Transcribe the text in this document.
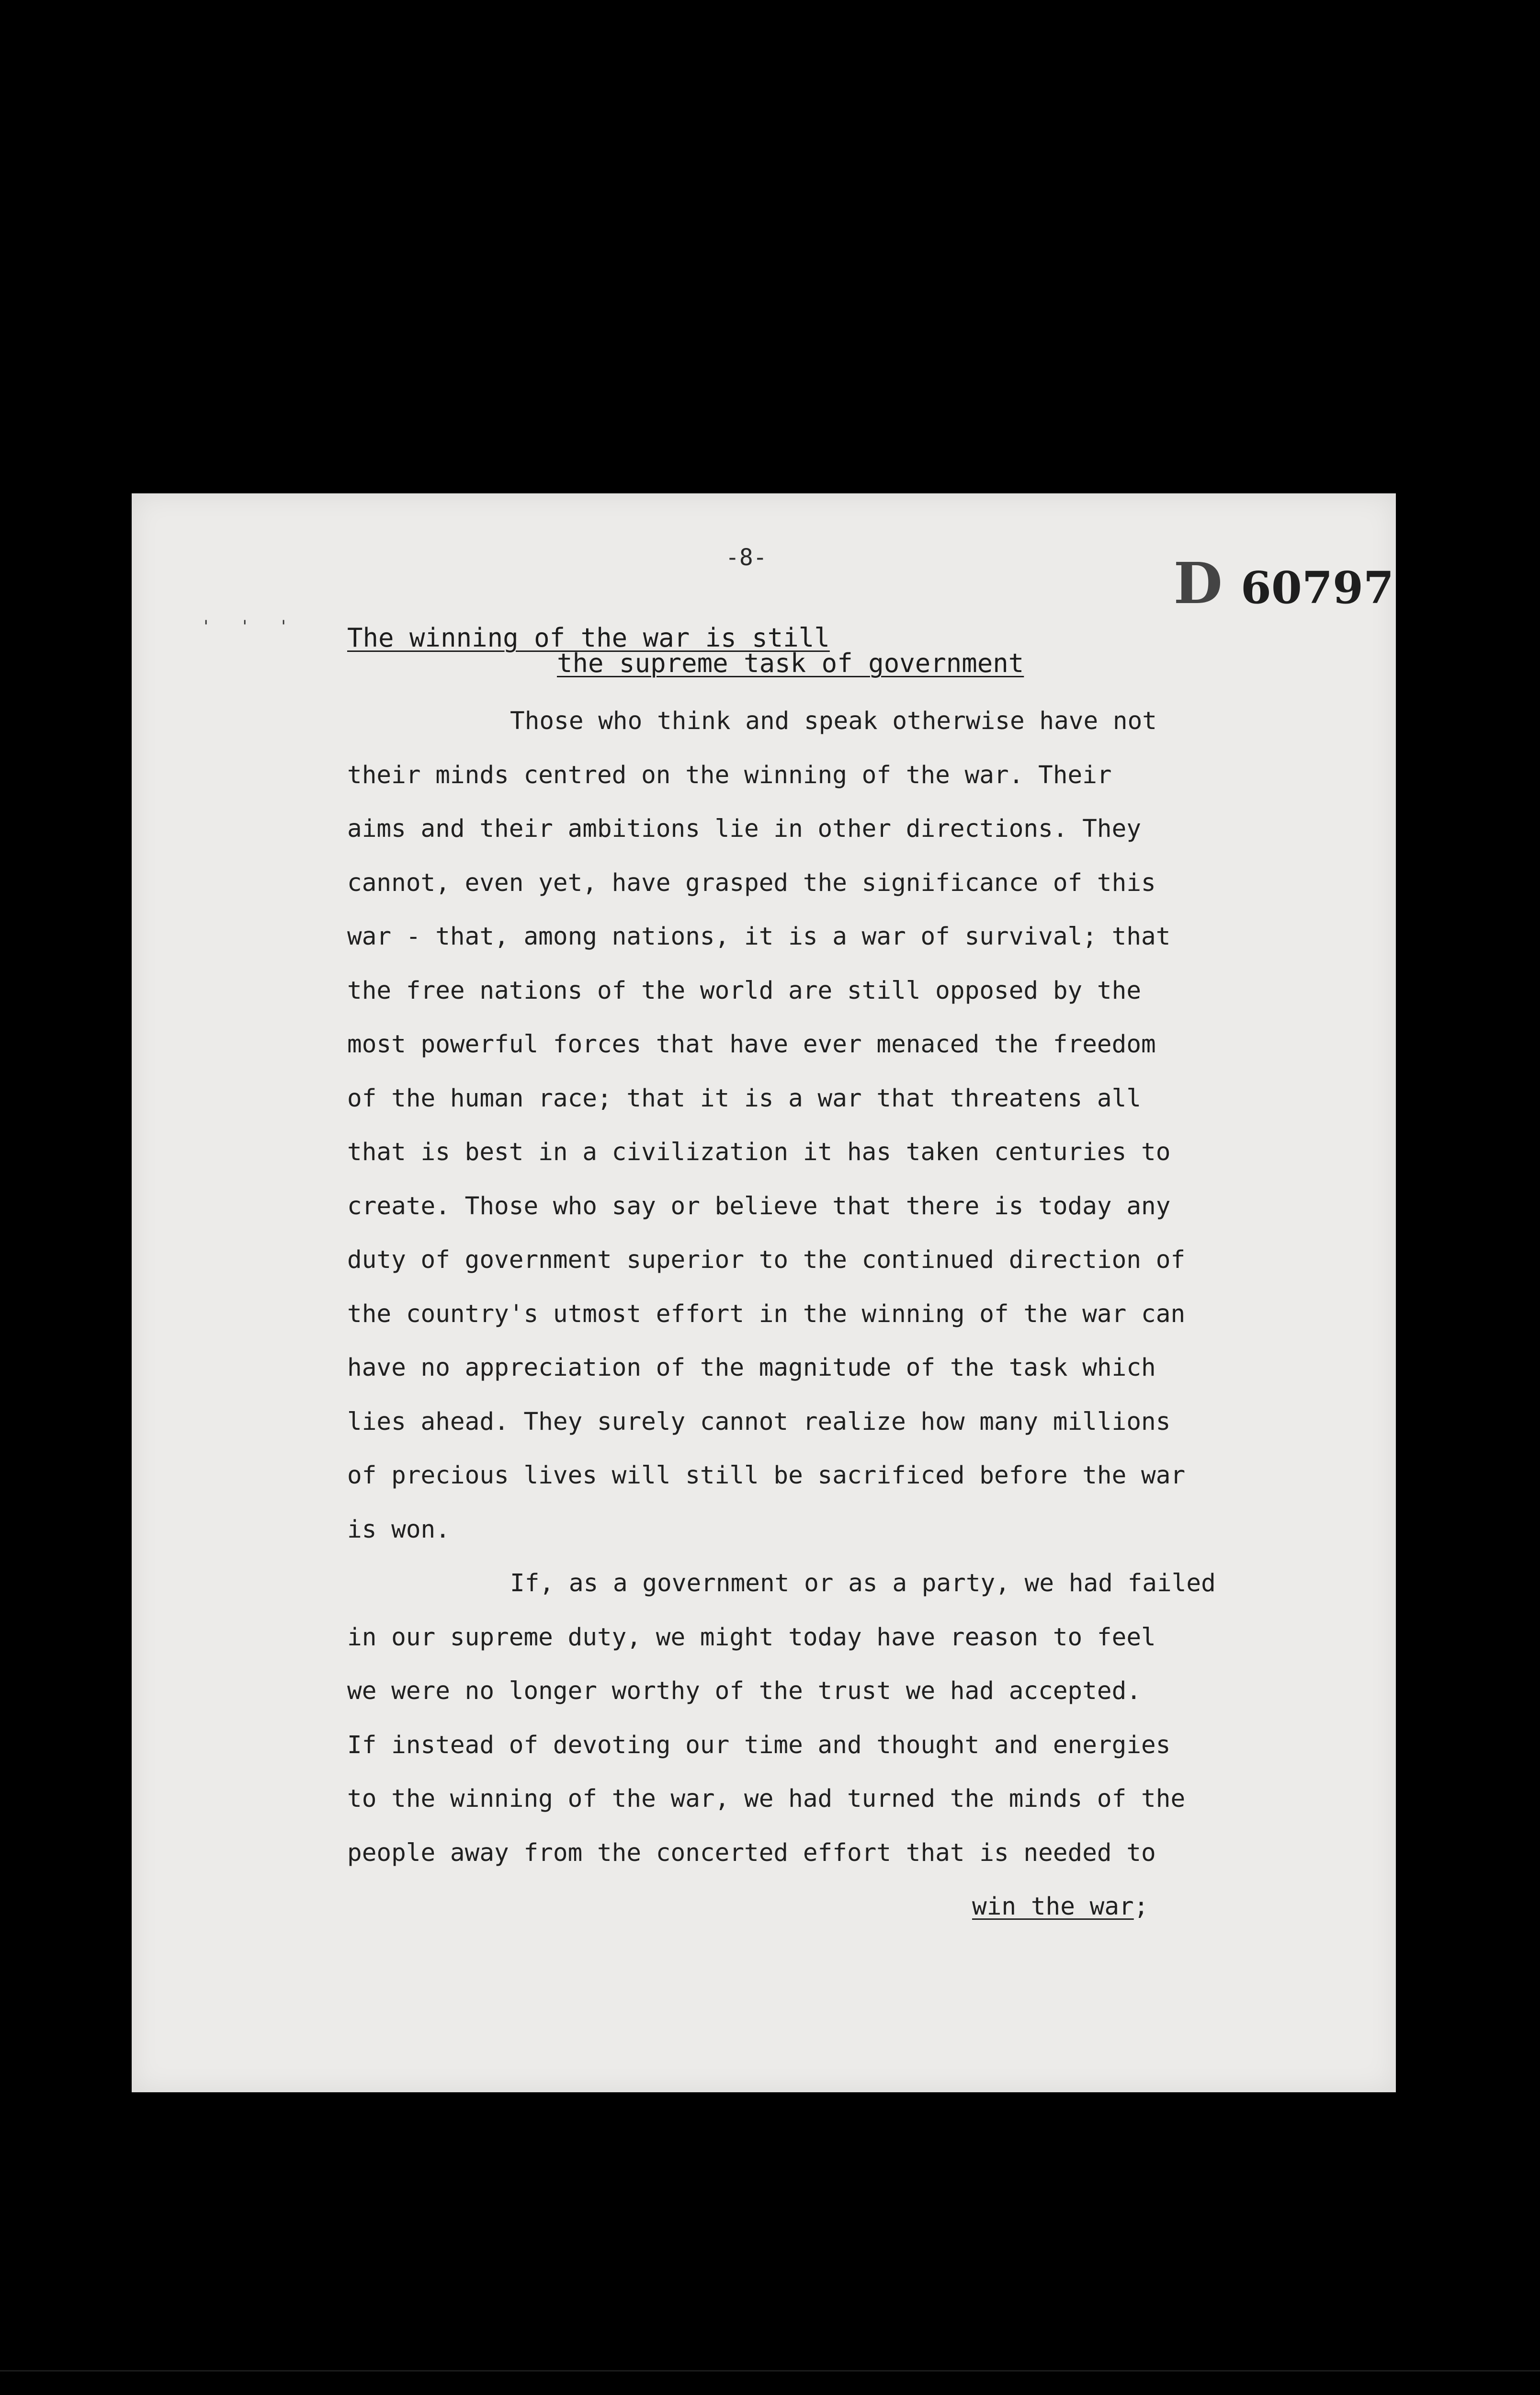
-8-	D 60797
' ' ' The winning of the war is still
the supreme task of government
Those who think and speak otherwise have not
their minds centred on the winning of the war. Their
aims and their ambitions lie in other directions. They
cannot, even yet, have grasped the significance of this
war - that, among nations, it is a war of survival; that
the free nations of the world are still opposed by the
most powerful forces that have ever menaced the freedom
of the human race; that it is a war that threatens all
that is best in a civilization it has taken centuries to
create. Those who say or believe that there is today any
duty of government superior to the continued direction of
the country's utmost effort in the winning of the war can
have no appreciation of the magnitude of the task which
lies ahead. They surely cannot realize how many millions
of precious lives will still be sacrificed before the war
is won.
If, as a government or as a party, we had failed
in our supreme duty, we might today have reason to feel
we were no longer worthy of the trust we had accepted.
If instead of devoting our time and thought and energies
to the winning of the war, we had turned the minds of the
people away from the concerted effort that is needed to
win the war;
